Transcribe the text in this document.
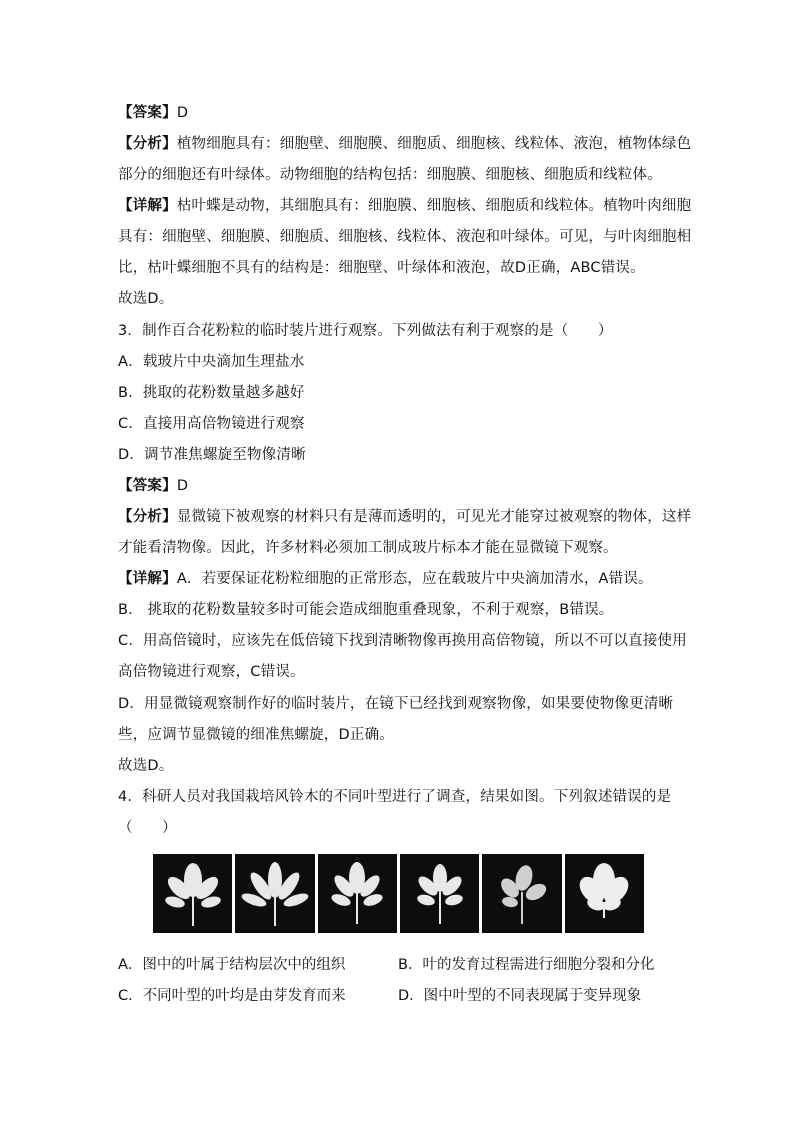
【答案】D
【分析】植物细胞具有：细胞壁、细胞膜、细胞质、细胞核、线粒体、液泡，植物体绿色
部分的细胞还有叶绿体。动物细胞的结构包括：细胞膜、细胞核、细胞质和线粒体。
【详解】枯叶蝶是动物，其细胞具有：细胞膜、细胞核、细胞质和线粒体。植物叶肉细胞
具有：细胞壁、细胞膜、细胞质、细胞核、线粒体、液泡和叶绿体。可见，与叶肉细胞相
比，枯叶蝶细胞不具有的结构是：细胞壁、叶绿体和液泡，故D正确，ABC错误。
故选D。
3．制作百合花粉粒的临时装片进行观察。下列做法有利于观察的是（　　）
A．载玻片中央滴加生理盐水
B．挑取的花粉数量越多越好
C．直接用高倍物镜进行观察
D．调节准焦螺旋至物像清晰
【答案】D
【分析】显微镜下被观察的材料只有是薄而透明的，可见光才能穿过被观察的物体，这样
才能看清物像。因此，许多材料必须加工制成玻片标本才能在显微镜下观察。
【详解】A．若要保证花粉粒细胞的正常形态，应在载玻片中央滴加清水，A错误。
B． 挑取的花粉数量较多时可能会造成细胞重叠现象，不利于观察，B错误。
C．用高倍镜时，应该先在低倍镜下找到清晰物像再换用高倍物镜，所以不可以直接使用
高倍物镜进行观察，C错误。
D．用显微镜观察制作好的临时装片，在镜下已经找到观察物像，如果要使物像更清晰
些，应调节显微镜的细准焦螺旋，D正确。
故选D。
4．科研人员对我国栽培风铃木的不同叶型进行了调查，结果如图。下列叙述错误的是
（　　）
A．图中的叶属于结构层次中的组织	B．叶的发育过程需进行细胞分裂和分化
C．不同叶型的叶均是由芽发育而来	D．图中叶型的不同表现属于变异现象
